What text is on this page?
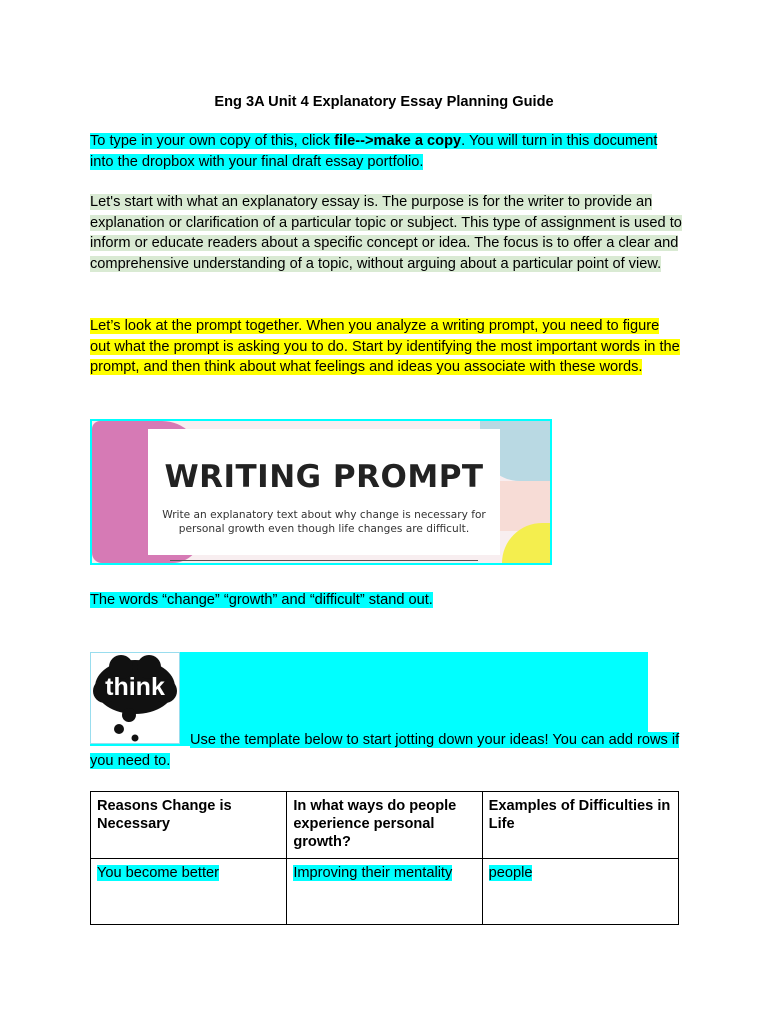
Eng 3A Unit 4 Explanatory Essay Planning Guide
To type in your own copy of this, click file-->make a copy. You will turn in this document into the dropbox with your final draft essay portfolio.
Let's start with what an explanatory essay is. The purpose is for the writer to provide an explanation or clarification of a particular topic or subject. This type of assignment is used to inform or educate readers about a specific concept or idea. The focus is to offer a clear and comprehensive understanding of a topic, without arguing about a particular point of view.
Let’s look at the prompt together. When you analyze a writing prompt, you need to figure out what the prompt is asking you to do. Start by identifying the most important words in the prompt, and then think about what feelings and ideas you associate with these words.
WRITING PROMPT
Write an explanatory text about why change is necessary for personal growth even though life changes are difficult.
The words “change” “growth” and “difficult” stand out.
think
Use the template below to start jotting down your ideas! You can add rows if you need to.
Reasons Change is Necessary	In what ways do people experience personal growth?	Examples of Difficulties in Life
You become better	Improving their mentality	people
